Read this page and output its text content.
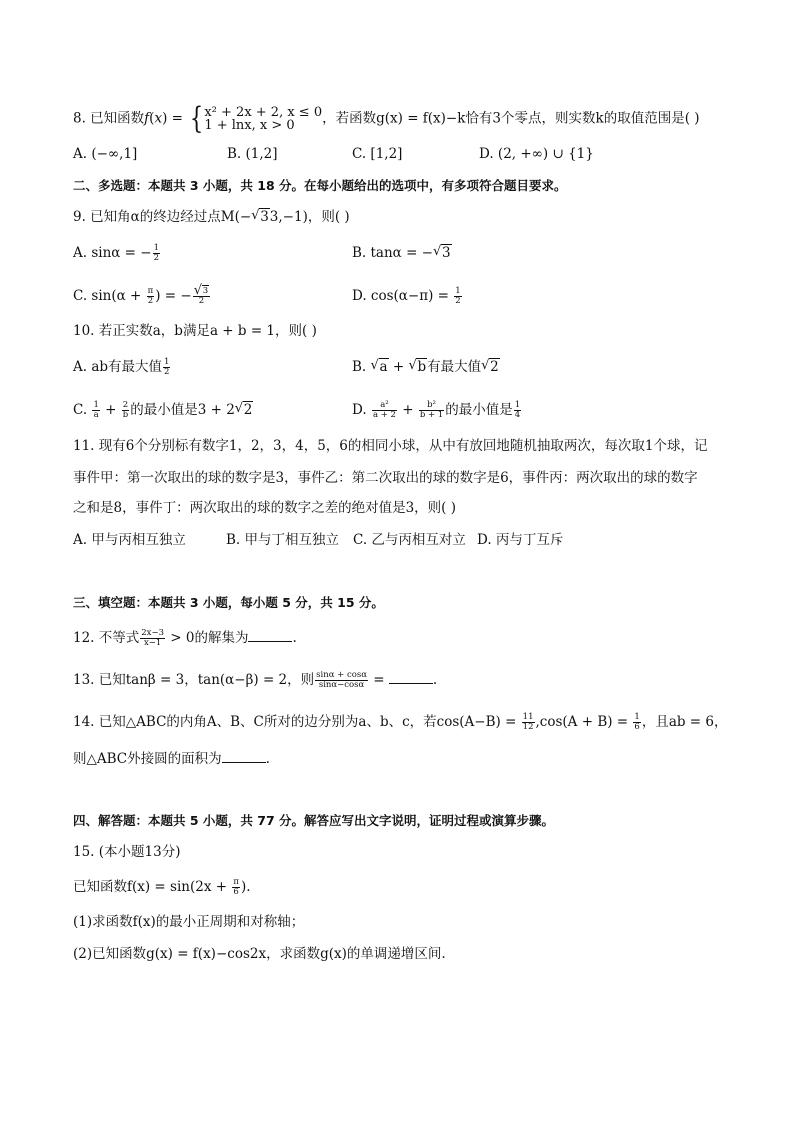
8. 已知函数f(x) = { x² + 2x + 2, x ≤ 0
1 + lnx, x > 0	，若函数g(x) = f(x)−k恰有3个零点，则实数k的取值范围是( )
A. (−∞,1]	B. (1,2]	C. [1,2]	D. (2, +∞) ∪ {1}
二、多选题：本题共 3 小题，共 18 分。在每小题给出的选项中，有多项符合题目要求。
9. 已知角α的终边经过点M(− √ 33,−1)，则( )
A. sinα = − $\frac{1}{2}$	B. tanα = − √ 3
C. $\sin(\alpha + \frac{\pi}{2}$ ) = − √ $\frac{3}{2}$	D. $\cos(\alpha-\pi) = \frac{1}{2}$
10. 若正实数a，b满足a + b = 1，则( )
A. ab有最大值 $\frac{1}{2}$	B. √ a + √ b有最大值 √ 2
C. $\frac{1}{a} + \frac{2}{b}$ 的最小值是3 + 2 √ 2	D. $\frac{\text{a²}}{a + 2} + \frac{\text{b²}}{b + 1}$ 的最小值是 $\frac{1}{4}$
11. 现有6个分别标有数字1，2，3，4，5，6的相同小球，从中有放回地随机抽取两次，每次取1个球，记
事件甲：第一次取出的球的数字是3，事件乙：第二次取出的球的数字是6，事件丙：两次取出的球的数字
之和是8，事件丁：两次取出的球的数字之差的绝对值是3，则( )
A. 甲与丙相互独立	B. 甲与丁相互独立 C. 乙与丙相互对立 D. 丙与丁互斥
三、填空题：本题共 3 小题，每小题 5 分，共 15 分。
12. 不等式 $\frac{2x-3}{x-1} > 0$的解集为	.
13. 已知tanβ = 3，tan(α−β) = 2，则 $\frac{\sin\alpha + \cos\alpha}{\sin\alpha-\cos\alpha}$ =	.
14. 已知△ABC的内角A、B、C所对的边分别为a、b、c，若$\cos(A-B) = \frac{11}{12} ,\cos(A + B) = \frac{1}{6}$ ，且ab = 6，
则△ABC外接圆的面积为	.
四、解答题：本题共 5 小题，共 77 分。解答应写出文字说明，证明过程或演算步骤。
15. (本小题13分)
已知函数$f(x) = \sin(2x + \frac{\pi}{6}$ ).
(1)求函数f(x)的最小正周期和对称轴；
(2)已知函数g(x) = f(x)−cos2x，求函数g(x)的单调递增区间.
